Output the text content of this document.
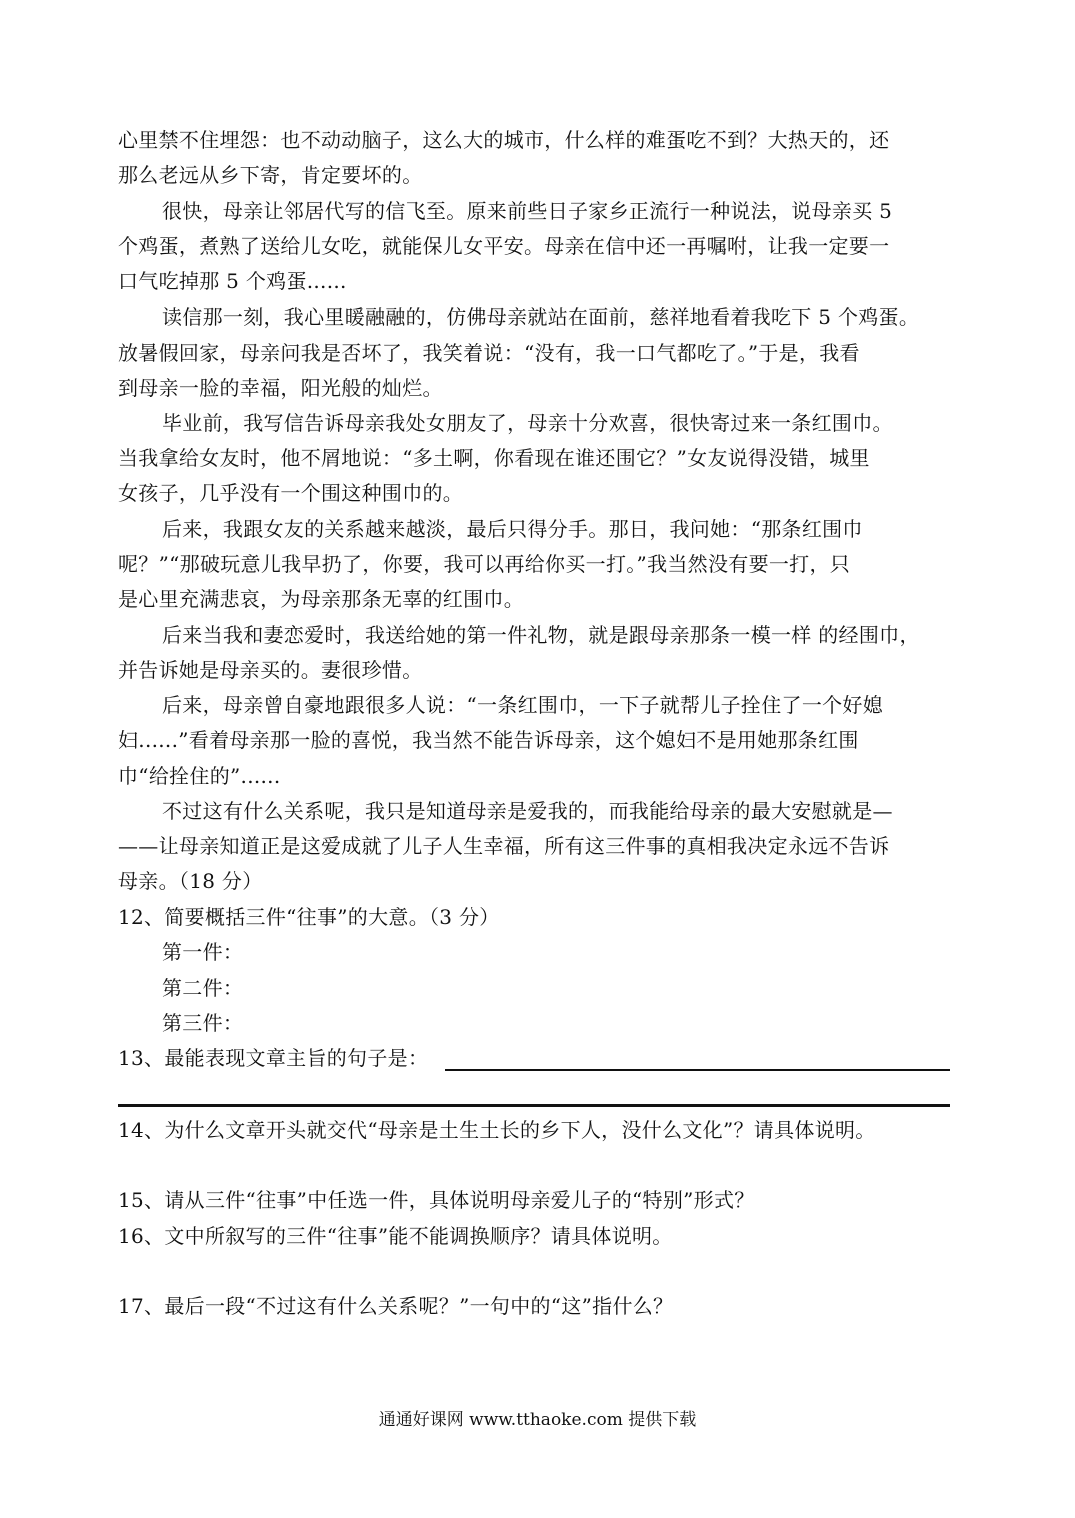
心里禁不住埋怨：也不动动脑子，这么大的城市，什么样的难蛋吃不到？大热天的，还
那么老远从乡下寄，肯定要坏的。
很快，母亲让邻居代写的信飞至。原来前些日子家乡正流行一种说法，说母亲买 5
个鸡蛋，煮熟了送给儿女吃，就能保儿女平安。母亲在信中还一再嘱咐，让我一定要一
口气吃掉那 5 个鸡蛋......
读信那一刻，我心里暖融融的，仿佛母亲就站在面前，慈祥地看着我吃下 5 个鸡蛋。
放暑假回家，母亲问我是否坏了，我笑着说：“没有，我一口气都吃了。”于是，我看
到母亲一脸的幸福，阳光般的灿烂。
毕业前，我写信告诉母亲我处女朋友了，母亲十分欢喜，很快寄过来一条红围巾。
当我拿给女友时，他不屑地说：“多土啊，你看现在谁还围它？”女友说得没错，城里
女孩子，几乎没有一个围这种围巾的。
后来，我跟女友的关系越来越淡，最后只得分手。那日，我问她：“那条红围巾
呢？”“那破玩意儿我早扔了，你要，我可以再给你买一打。”我当然没有要一打，只
是心里充满悲哀，为母亲那条无辜的红围巾。
后来当我和妻恋爱时，我送给她的第一件礼物，就是跟母亲那条一模一样 的经围巾，
并告诉她是母亲买的。妻很珍惜。
后来，母亲曾自豪地跟很多人说：“一条红围巾，一下子就帮儿子拴住了一个好媳
妇......”看着母亲那一脸的喜悦，我当然不能告诉母亲，这个媳妇不是用她那条红围
巾“给拴住的”......
不过这有什么关系呢，我只是知道母亲是爱我的，而我能给母亲的最大安慰就是—
——让母亲知道正是这爱成就了儿子人生幸福，所有这三件事的真相我决定永远不告诉
母亲。（18 分）
12、简要概括三件“往事”的大意。（3 分）
第一件：
第二件：
第三件：
13、最能表现文章主旨的句子是：
14、为什么文章开头就交代“母亲是土生土长的乡下人，没什么文化”？请具体说明。
15、请从三件“往事”中任选一件，具体说明母亲爱儿子的“特别”形式？
16、文中所叙写的三件“往事”能不能调换顺序？请具体说明。
17、最后一段“不过这有什么关系呢？”一句中的“这”指什么？
通通好课网 www.tthaoke.com 提供下载
